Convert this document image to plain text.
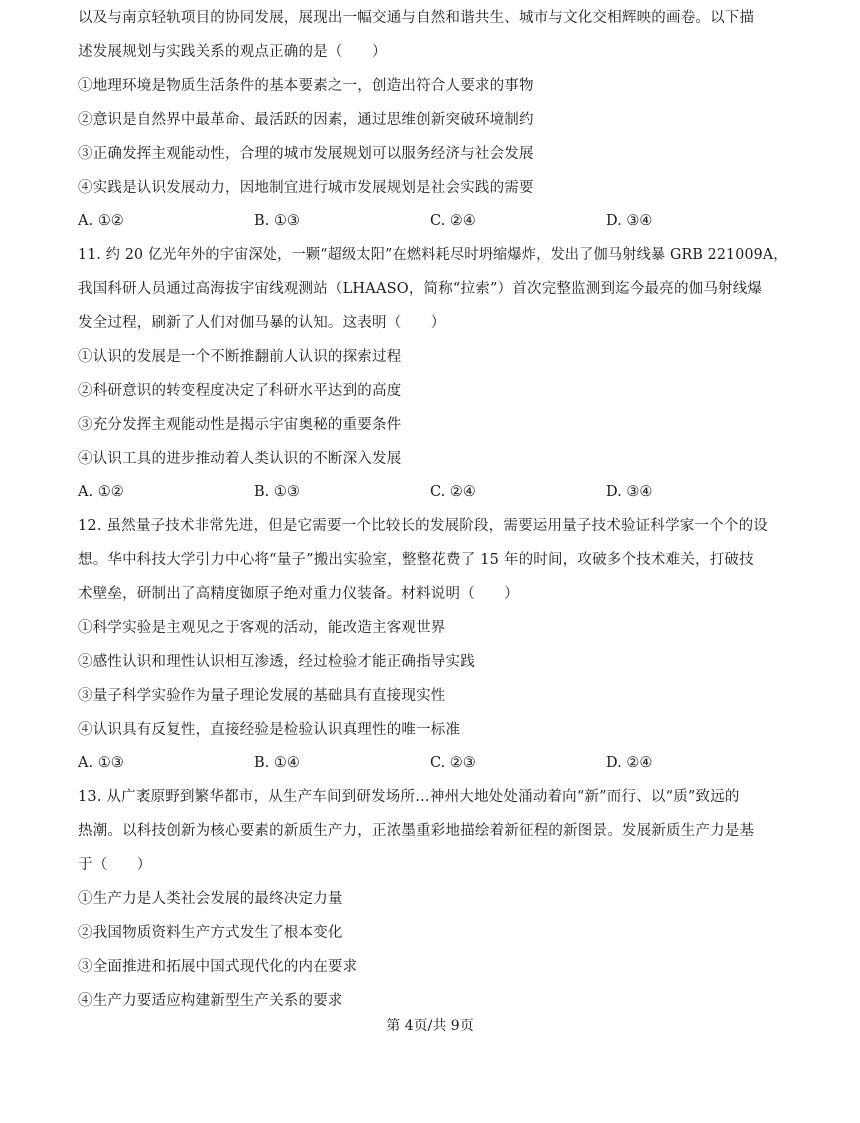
以及与南京轻轨项目的协同发展，展现出一幅交通与自然和谐共生、城市与文化交相辉映的画卷。以下描
述发展规划与实践关系的观点正确的是（　　）
①地理环境是物质生活条件的基本要素之一，创造出符合人要求的事物
②意识是自然界中最革命、最活跃的因素，通过思维创新突破环境制约
③正确发挥主观能动性，合理的城市发展规划可以服务经济与社会发展
④实践是认识发展动力，因地制宜进行城市发展规划是社会实践的需要
A. ①②	B. ①③	C. ②④	D. ③④
11. 约 20 亿光年外的宇宙深处，一颗“超级太阳”在燃料耗尽时坍缩爆炸，发出了伽马射线暴 GRB 221009A，
我国科研人员通过高海拔宇宙线观测站（LHAASO，简称“拉索”）首次完整监测到迄今最亮的伽马射线爆
发全过程，刷新了人们对伽马暴的认知。这表明（　　）
①认识的发展是一个不断推翻前人认识的探索过程
②科研意识的转变程度决定了科研水平达到的高度
③充分发挥主观能动性是揭示宇宙奥秘的重要条件
④认识工具的进步推动着人类认识的不断深入发展
A. ①②	B. ①③	C. ②④	D. ③④
12. 虽然量子技术非常先进，但是它需要一个比较长的发展阶段，需要运用量子技术验证科学家一个个的设
想。华中科技大学引力中心将“量子”搬出实验室，整整花费了 15 年的时间，攻破多个技术难关，打破技
术壁垒，研制出了高精度铷原子绝对重力仪装备。材料说明（　　）
①科学实验是主观见之于客观的活动，能改造主客观世界
②感性认识和理性认识相互渗透，经过检验才能正确指导实践
③量子科学实验作为量子理论发展的基础具有直接现实性
④认识具有反复性，直接经验是检验认识真理性的唯一标准
A. ①③	B. ①④	C. ②③	D. ②④
13. 从广袤原野到繁华都市，从生产车间到研发场所…神州大地处处涌动着向“新”而行、以“质”致远的
热潮。以科技创新为核心要素的新质生产力，正浓墨重彩地描绘着新征程的新图景。发展新质生产力是基
于（　　）
①生产力是人类社会发展的最终决定力量
②我国物质资料生产方式发生了根本变化
③全面推进和拓展中国式现代化的内在要求
④生产力要适应构建新型生产关系的要求
第 4页/共 9页
